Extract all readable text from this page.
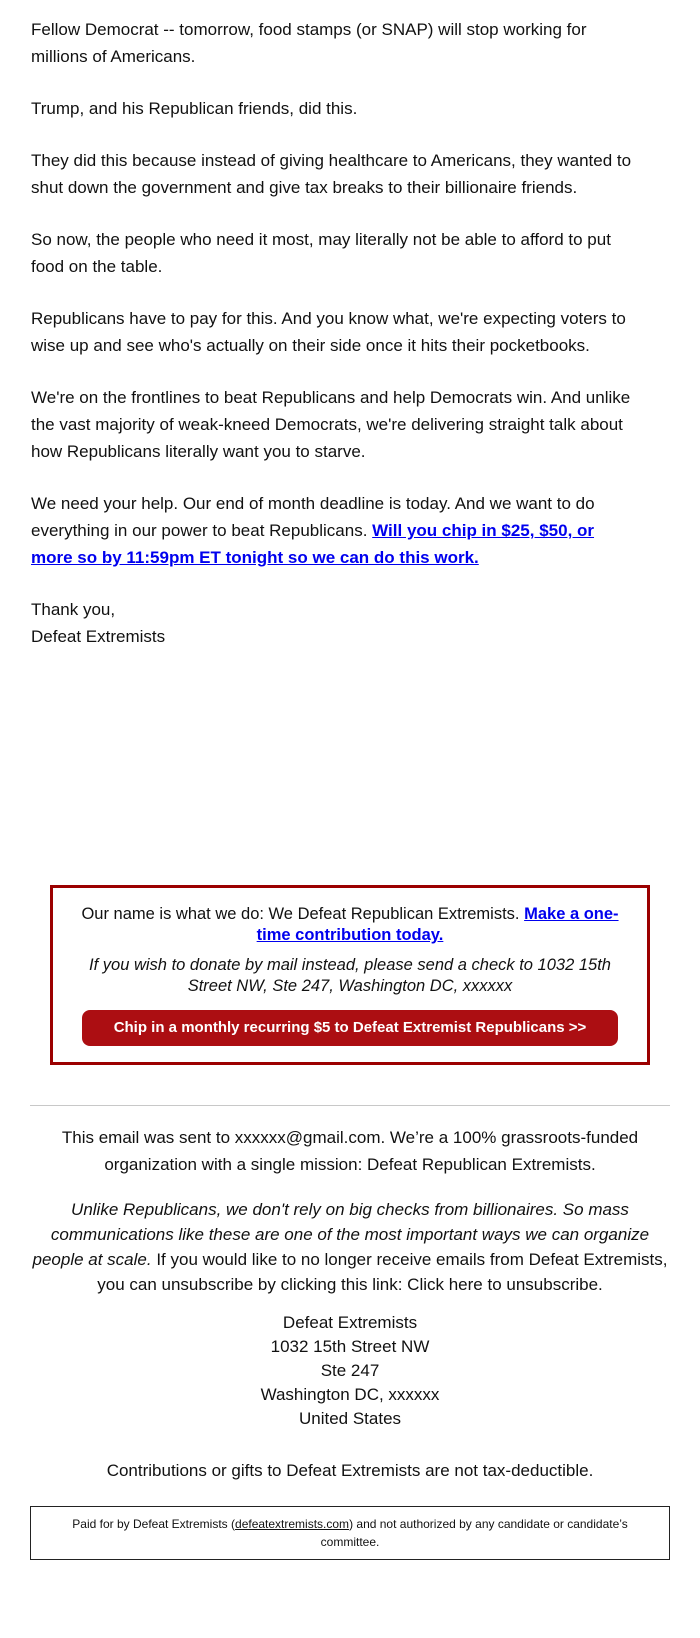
Fellow Democrat -- tomorrow, food stamps (or SNAP) will stop working for millions of Americans.

Trump, and his Republican friends, did this.

They did this because instead of giving healthcare to Americans, they wanted to shut down the government and give tax breaks to their billionaire friends.

So now, the people who need it most, may literally not be able to afford to put food on the table.

Republicans have to pay for this. And you know what, we're expecting voters to wise up and see who's actually on their side once it hits their pocketbooks.

We're on the frontlines to beat Republicans and help Democrats win. And unlike the vast majority of weak-kneed Democrats, we're delivering straight talk about how Republicans literally want you to starve.

We need your help. Our end of month deadline is today. And we want to do everything in our power to beat Republicans. Will you chip in $25, $50, or more so by 11:59pm ET tonight so we can do this work.

Thank you,
Defeat Extremists

Our name is what we do: We Defeat Republican Extremists. Make a one-time contribution today.
If you wish to donate by mail instead, please send a check to 1032 15th Street NW, Ste 247, Washington DC, xxxxxx
Chip in a monthly recurring $5 to Defeat Extremist Republicans >>
This email was sent to xxxxxx@gmail.com. We’re a 100% grassroots-funded organization with a single mission: Defeat Republican Extremists.
Unlike Republicans, we don't rely on big checks from billionaires. So mass communications like these are one of the most important ways we can organize people at scale. If you would like to no longer receive emails from Defeat Extremists, you can unsubscribe by clicking this link: Click here to unsubscribe.
Defeat Extremists
1032 15th Street NW
Ste 247
Washington DC, xxxxxx
United States
Contributions or gifts to Defeat Extremists are not tax-deductible.
Paid for by Defeat Extremists (defeatextremists.com) and not authorized by any candidate or candidate’s committee.
